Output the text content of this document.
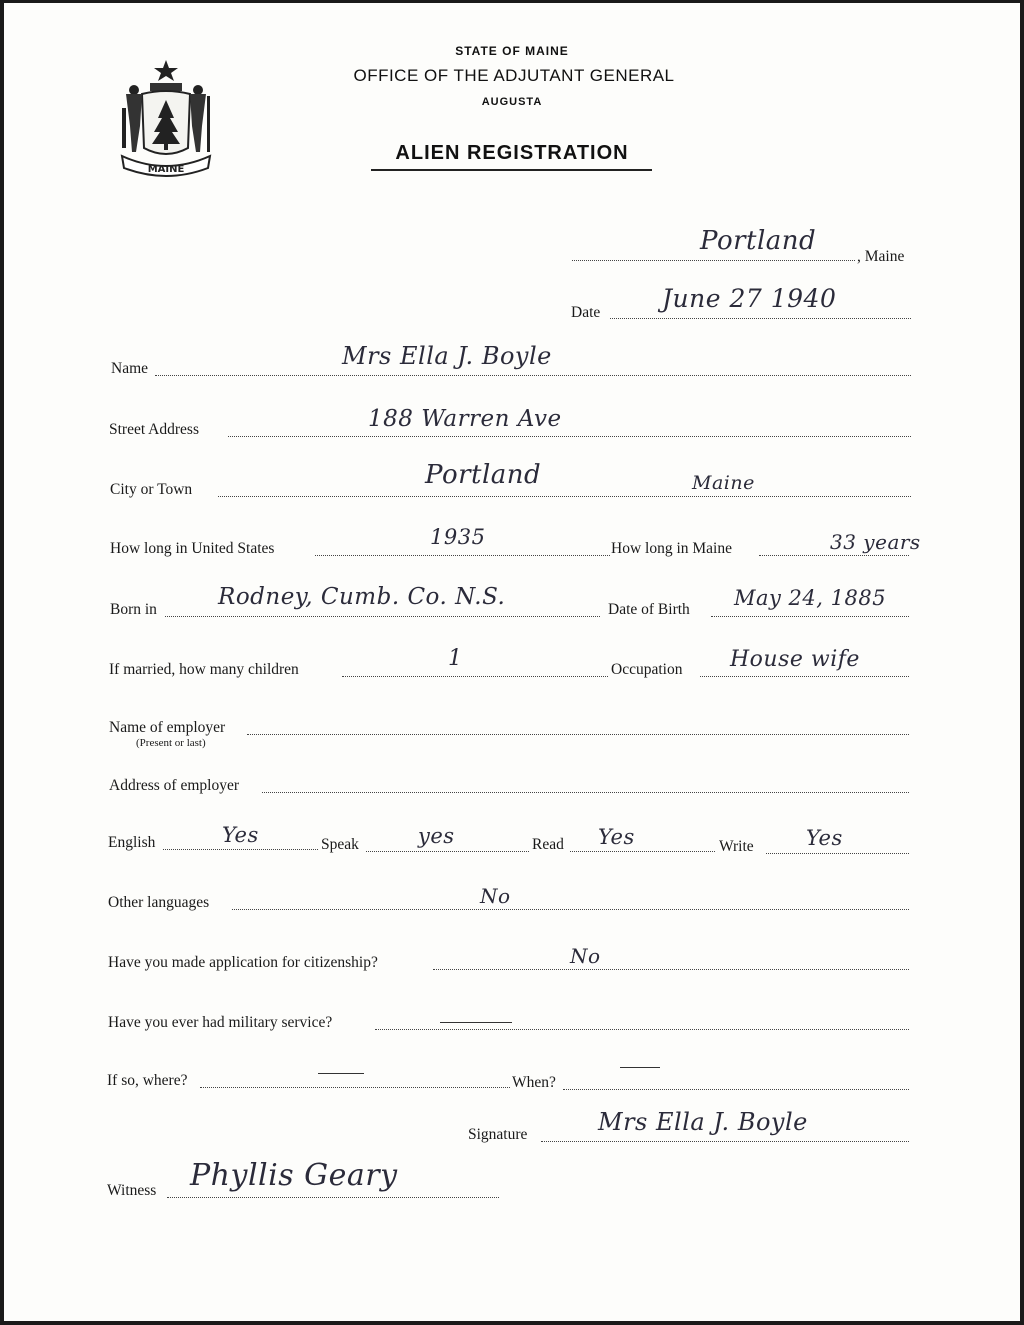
MAINE
STATE OF MAINE
OFFICE OF THE ADJUTANT GENERAL
AUGUSTA
ALIEN REGISTRATION
Portland
, Maine
Date June 27 1940
Name	Mrs Ella J. Boyle
Street Address	188 Warren Ave
City or Town	Portland	Maine
How long in United States	1935	How long in Maine	33 years
Born in	Rodney, Cumb. Co. N.S.	Date of Birth May 24, 1885
If married, how many children	1	Occupation House wife
Name of employer
(Present or last)
Address of employer
English	Yes	Speak	yes	Read Yes	Write Yes
Other languages	No
Have you made application for citizenship?	No
Have you ever had military service?
If so, where?	When?
Signature	Mrs Ella J. Boyle
Witness Phyllis Geary
